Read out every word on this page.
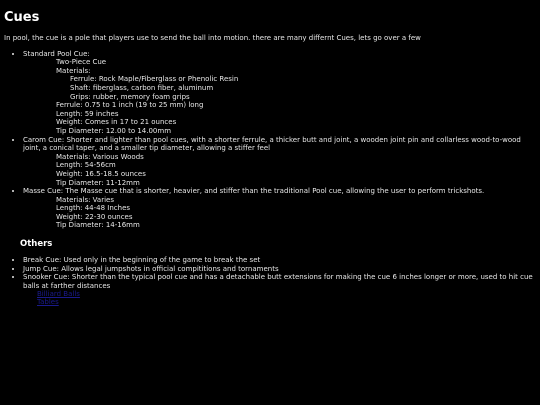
Cues

In pool, the cue is a pole that players use to send the ball into motion. there are many differnt Cues, lets go over a few

• Standard Pool Cue:
Two-Piece Cue
Materials:
Ferrule: Rock Maple/Fiberglass or Phenolic Resin
Shaft: fiberglass, carbon fiber, aluminum
Grips: rubber, memory foam grips
Ferrule: 0.75 to 1 inch (19 to 25 mm) long
Length: 59 inches
Weight: Comes in 17 to 21 ounces
Tip Diameter: 12.00 to 14.00mm
• Carom Cue: Shorter and lighter than pool cues, with a shorter ferrule, a thicker butt and joint, a wooden joint pin and collarless wood-to-wood joint, a conical taper, and a smaller tip diameter, allowing a stiffer feel
Materials: Various Woods
Length: 54-56cm
Weight: 16.5-18.5 ounces
Tip Diameter: 11-12mm
• Masse Cue: The Masse cue that is shorter, heavier, and stiffer than the traditional Pool cue, allowing the user to perform trickshots.
Materials: Varies
Length: 44-48 Inches
Weight: 22-30 ounces
Tip Diameter: 14-16mm
Others
• Break Cue: Used only in the beginning of the game to break the set
• Jump Cue: Allows legal jumpshots in official compititions and tornaments
• Snooker Cue: Shorter than the typical pool cue and has a detachable butt extensions for making the cue 6 inches longer or more, used to hit cue balls at farther distances
Billiard Balls
Tables
